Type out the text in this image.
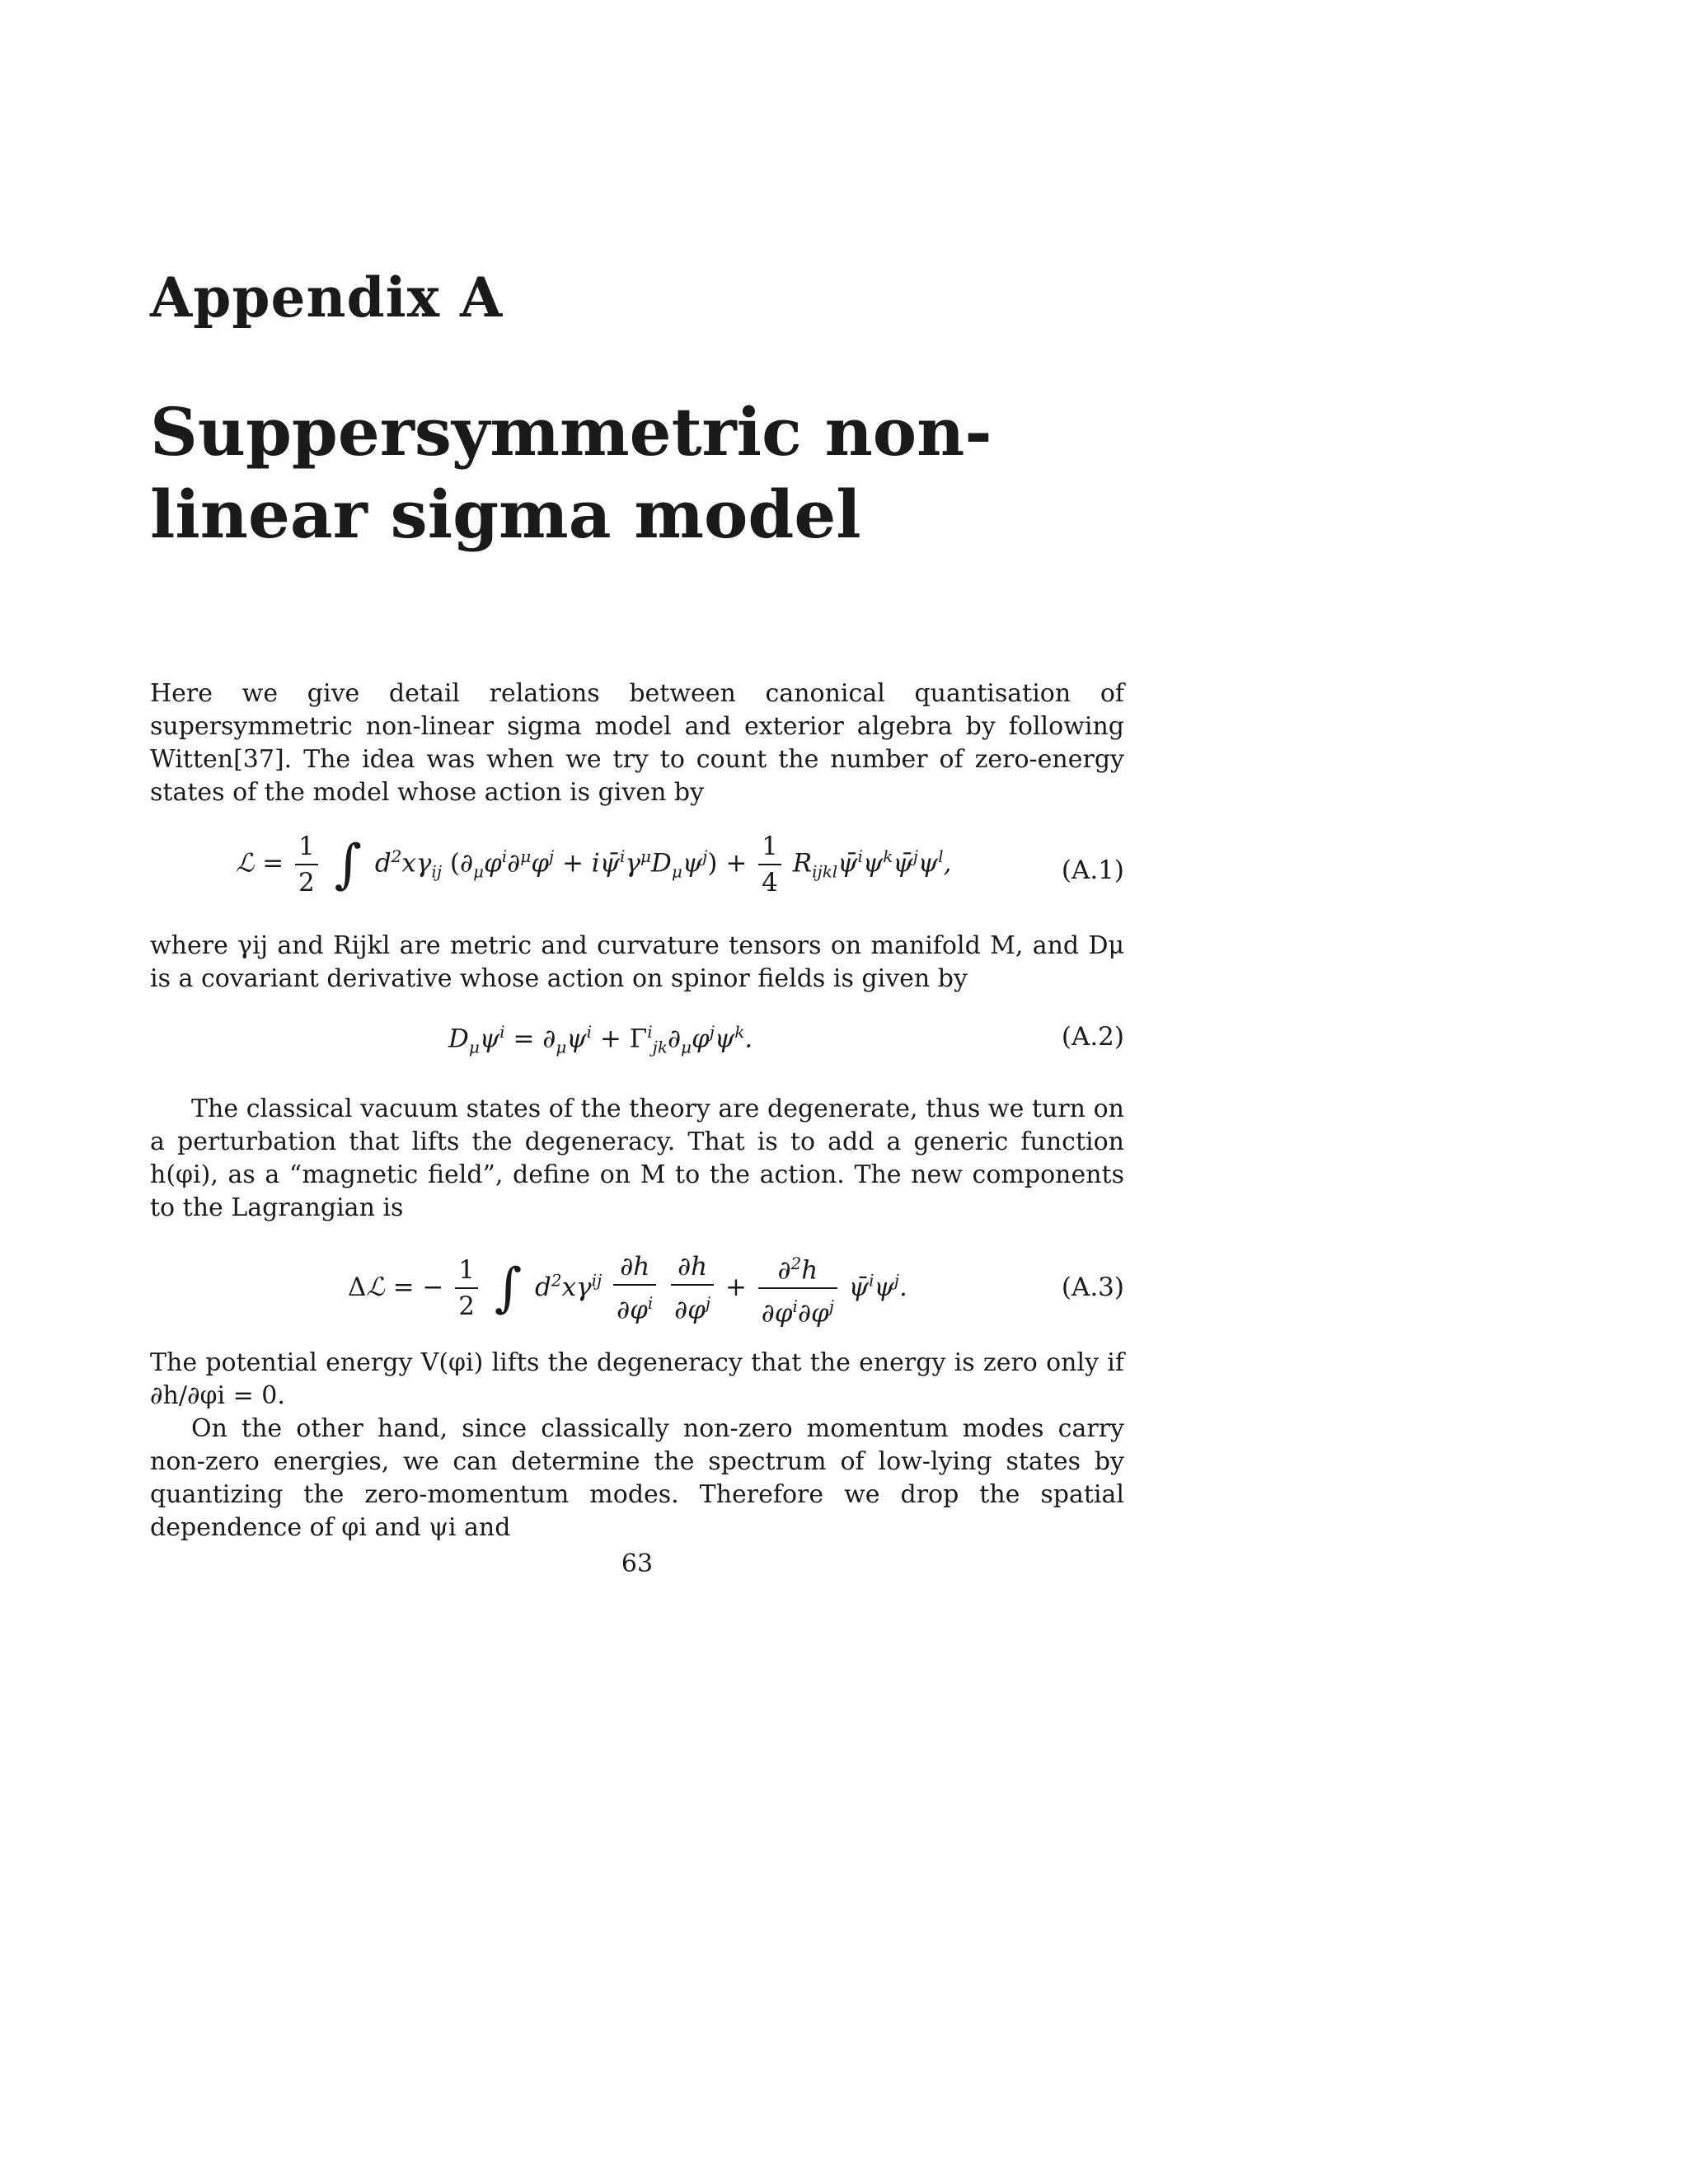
Appendix A
Suppersymmetric non-linear sigma model

Here we give detail relations between canonical quantisation of supersymmetric non-linear sigma model and exterior algebra by following Witten[37]. The idea was when we try to count the number of zero-energy states of the model whose action is given by

ℒ = $\frac{1}{2}$ ∫ $d^2x\gamma_{ij}$ ($\partial_\mu\varphi^i\partial^\mu\varphi^j$ + $i\psī^i\gamma^\mu D_\mu\psi^j) + \frac{1}{4}$ $R_{ijkl}\psī^i\psi^k\psī^j\psi^l$,	(A.1)

where γij and Rijkl are metric and curvature tensors on manifold M, and Dμ is a covariant derivative whose action on spinor fields is given by

$D_\mu\psi^i = \partial_\mu\psi^i + \Gamma^i_{jk}\partial_\mu\varphi^j\psi^k$.	(A.2)

The classical vacuum states of the theory are degenerate, thus we turn on a perturbation that lifts the degeneracy. That is to add a generic function h(φi), as a “magnetic field”, define on M to the action. The new components to the Lagrangian is

Δℒ = − $\frac{1}{2}$ ∫ $d^2x\gamma^{ij} \frac{\partial h}{\partial\varphi^i}$
$\frac{\partial h}{\partial\varphi^j} + \frac{\partial^2h}{\partial\varphi^i\partial\varphi^j}$ $\psī^i\psi^j$.	(A.3)

The potential energy V(φi) lifts the degeneracy that the energy is zero only if ∂h/∂φi = 0.

On the other hand, since classically non-zero momentum modes carry non-zero energies, we can determine the spectrum of low-lying states by quantizing the zero-momentum modes. Therefore we drop the spatial dependence of φi and ψi and

63
